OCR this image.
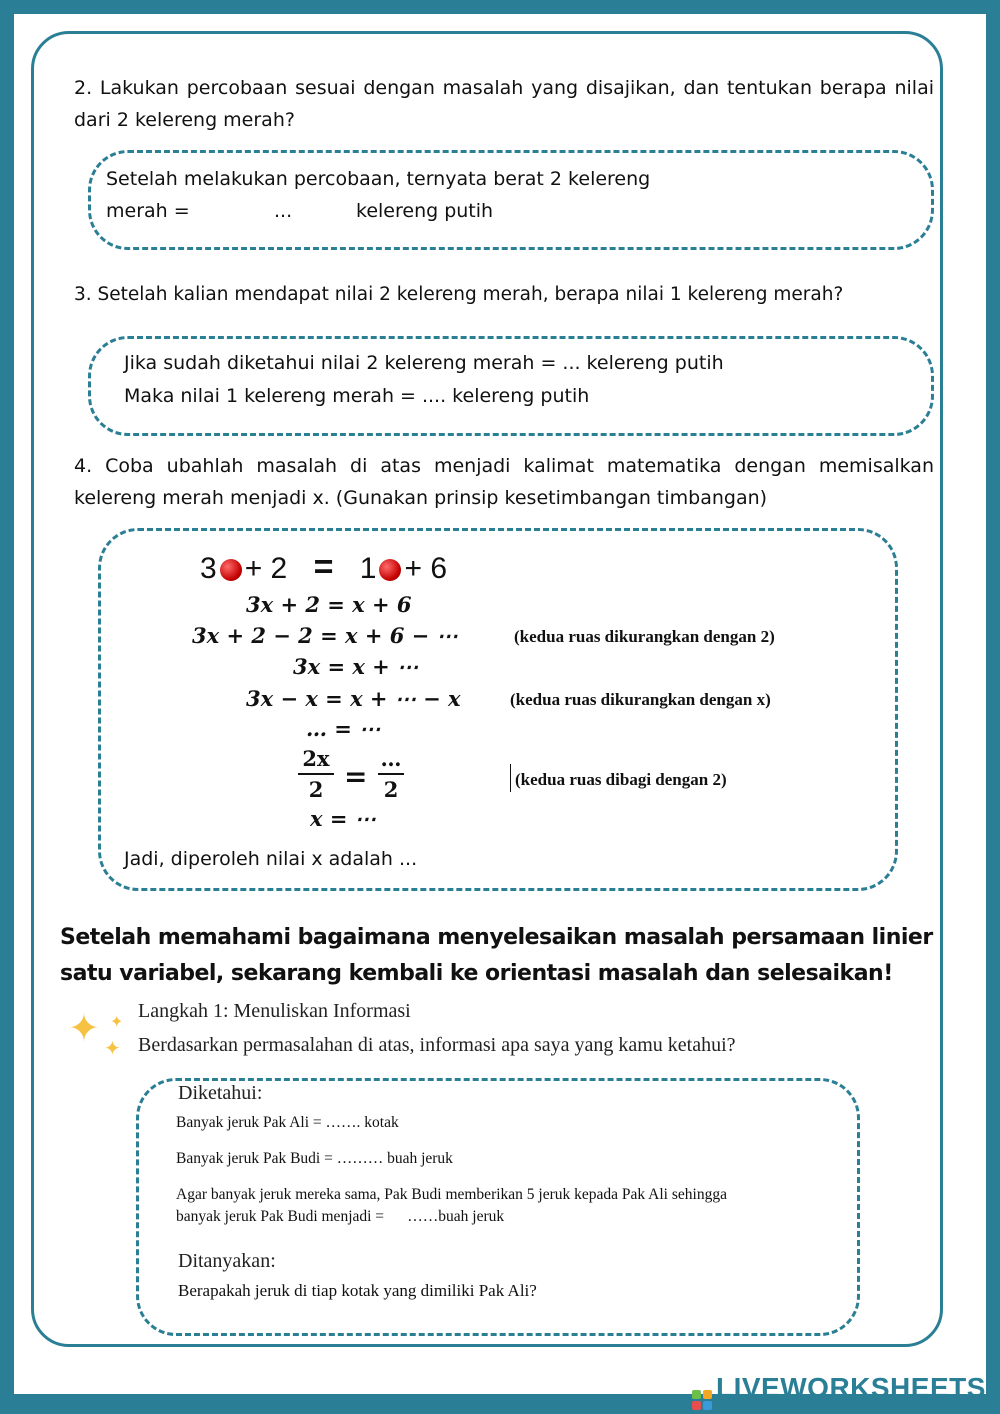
2. Lakukan percobaan sesuai dengan masalah yang disajikan, dan tentukan berapa nilai dari 2 kelereng merah?
Setelah melakukan percobaan, ternyata berat 2 kelereng
merah =	...	kelereng putih
3. Setelah kalian mendapat nilai 2 kelereng merah, berapa nilai 1 kelereng merah?
Jika sudah diketahui nilai 2 kelereng merah = ... kelereng putih
Maka nilai 1 kelereng merah = .... kelereng putih
4. Coba ubahlah masalah di atas menjadi kalimat matematika dengan memisalkan kelereng merah menjadi x. (Gunakan prinsip kesetimbangan timbangan)
3 + 2 = 1 + 6
3x + 2 = x + 6
3x + 2 − 2 = x + 6 − ⋯	(kedua ruas dikurangkan dengan 2)
3x = x + ⋯
3x − x = x + ⋯ − x	(kedua ruas dikurangkan dengan x)
… = ⋯
2x
2 =
…
2	(kedua ruas dibagi dengan 2)
x = ⋯
Jadi, diperoleh nilai x adalah ...
Setelah memahami bagaimana menyelesaikan masalah persamaan linier satu variabel, sekarang kembali ke orientasi masalah dan selesaikan!
✦ ✦
✦
Langkah 1: Menuliskan Informasi
Berdasarkan permasalahan di atas, informasi apa saya yang kamu ketahui?
Diketahui:
Banyak jeruk Pak Ali = ……. kotak
Banyak jeruk Pak Budi = ……… buah jeruk
Agar banyak jeruk mereka sama, Pak Budi memberikan 5 jeruk kepada Pak Ali sehingga
banyak jeruk Pak Budi menjadi =      ……buah jeruk
Ditanyakan:
Berapakah jeruk di tiap kotak yang dimiliki Pak Ali?
LIVEWORKSHEETS
